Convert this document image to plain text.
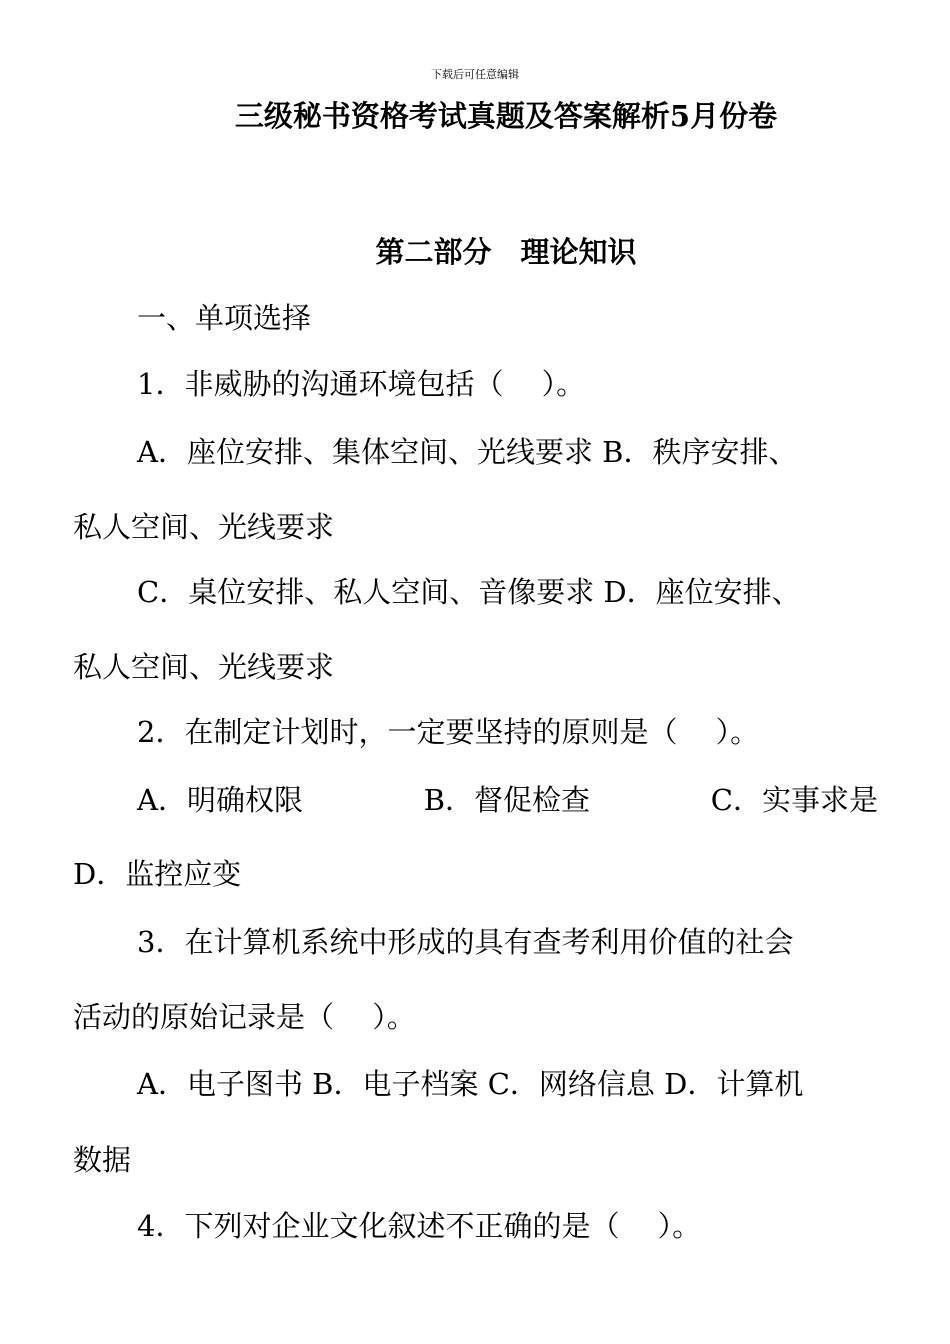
下载后可任意编辑
三级秘书资格考试真题及答案解析5月份卷
第二部分　理论知识

一、单项选择

1．非威胁的沟通环境包括（　 ）。

A．座位安排、集体空间、光线要求 B．秩序安排、

私人空间、光线要求

C．桌位安排、私人空间、音像要求 D．座位安排、

私人空间、光线要求

2．在制定计划时，一定要坚持的原则是（　 ）。

A．明确权限	B．督促检查	C．实事求是

D．监控应变

3．在计算机系统中形成的具有查考利用价值的社会

活动的原始记录是（　 ）。

A．电子图书 B．电子档案 C．网络信息 D．计算机

数据

4．下列对企业文化叙述不正确的是（　 ）。
